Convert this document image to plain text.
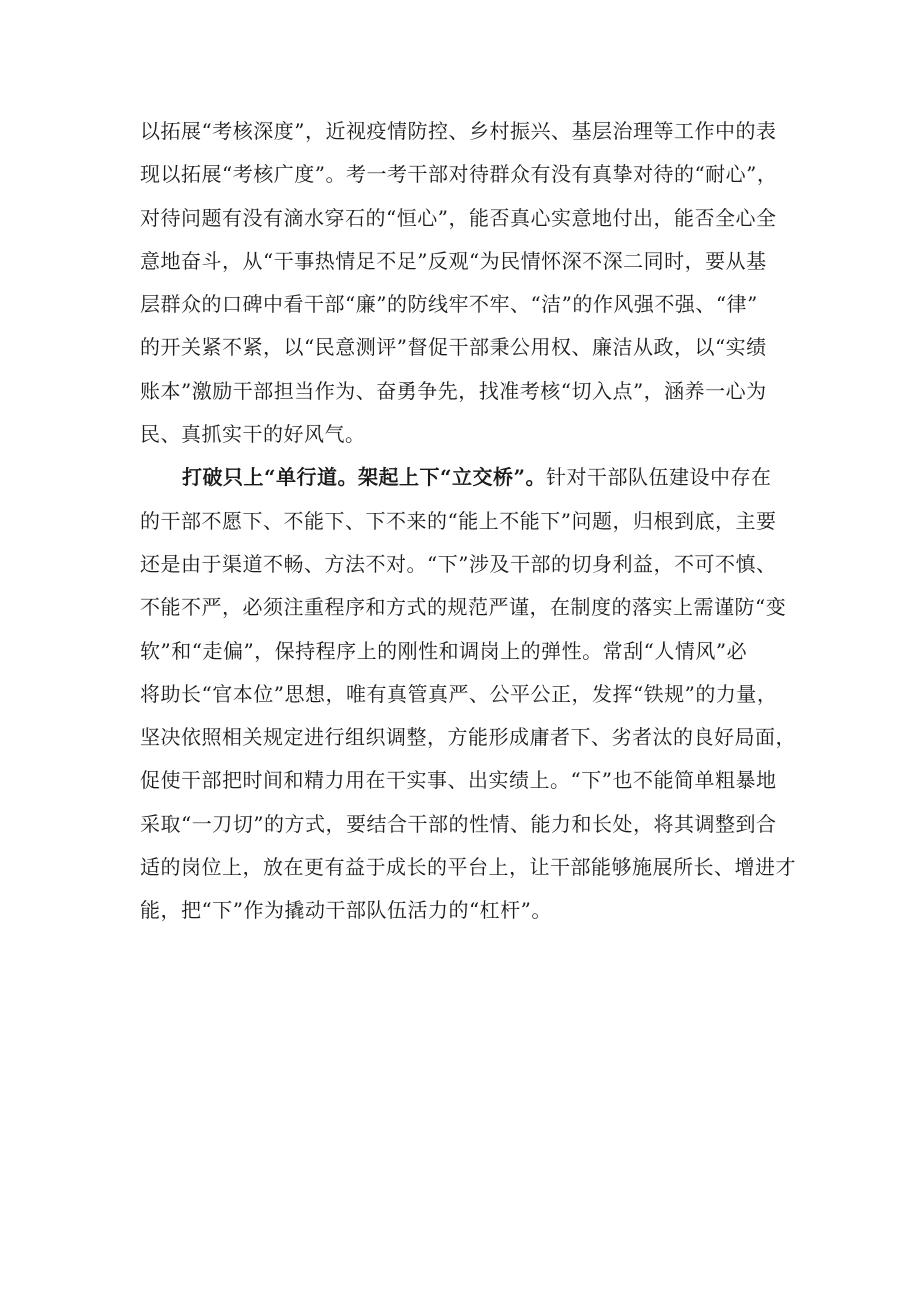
以拓展“考核深度”，近视疫情防控、乡村振兴、基层治理等工作中的表
现以拓展“考核广度”。考一考干部对待群众有没有真挚对待的“耐心”，
对待问题有没有滴水穿石的“恒心”，能否真心实意地付出，能否全心全
意地奋斗，从“干事热情足不足”反观“为民情怀深不深二同时，要从基
层群众的口碑中看干部“廉”的防线牢不牢、“洁”的作风强不强、“律”
的开关紧不紧，以“民意测评”督促干部秉公用权、廉洁从政，以“实绩
账本”激励干部担当作为、奋勇争先，找准考核“切入点”，涵养一心为
民、真抓实干的好风气。
打破只上“单行道。架起上下“立交桥”。针对干部队伍建设中存在
的干部不愿下、不能下、下不来的“能上不能下”问题，归根到底，主要
还是由于渠道不畅、方法不对。“下”涉及干部的切身利益，不可不慎、
不能不严，必须注重程序和方式的规范严谨，在制度的落实上需谨防“变
软”和“走偏”，保持程序上的刚性和调岗上的弹性。常刮“人情风”必
将助长“官本位”思想，唯有真管真严、公平公正，发挥“铁规”的力量，
坚决依照相关规定进行组织调整，方能形成庸者下、劣者汰的良好局面，
促使干部把时间和精力用在干实事、出实绩上。“下”也不能简单粗暴地
采取“一刀切”的方式，要结合干部的性情、能力和长处，将其调整到合
适的岗位上，放在更有益于成长的平台上，让干部能够施展所长、增进才
能，把“下”作为撬动干部队伍活力的“杠杆”。
